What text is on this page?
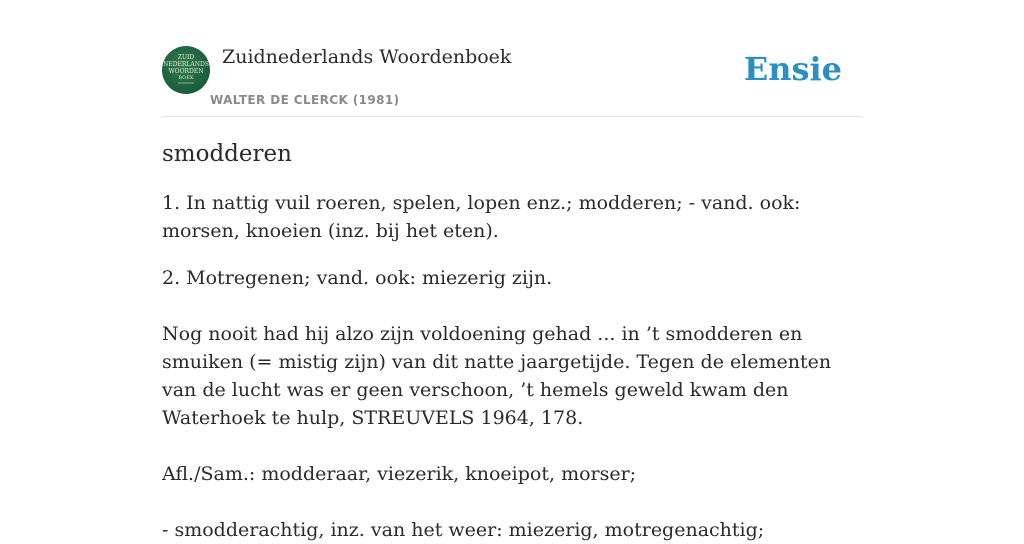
ZUID
NEDERLANDS
WOORDEN
BOEK
Zuidnederlands Woordenboek
WALTER DE CLERCK (1981)
Ensie
smodderen

1. In nattig vuil roeren, spelen, lopen enz.; modderen; - vand. ook: morsen, knoeien (inz. bij het eten).

2. Motregenen; vand. ook: miezerig zijn.

Nog nooit had hij alzo zijn voldoening gehad ... in ’t smodderen en smuiken (= mistig zijn) van dit natte jaargetijde. Tegen de elementen van de lucht was er geen verschoon, ’t hemels geweld kwam den Waterhoek te hulp, STREUVELS 1964, 178.

Afl./Sam.: modderaar, viezerik, knoeipot, morser;

- smodderachtig, inz. van het weer: miezerig, motregenachtig;
